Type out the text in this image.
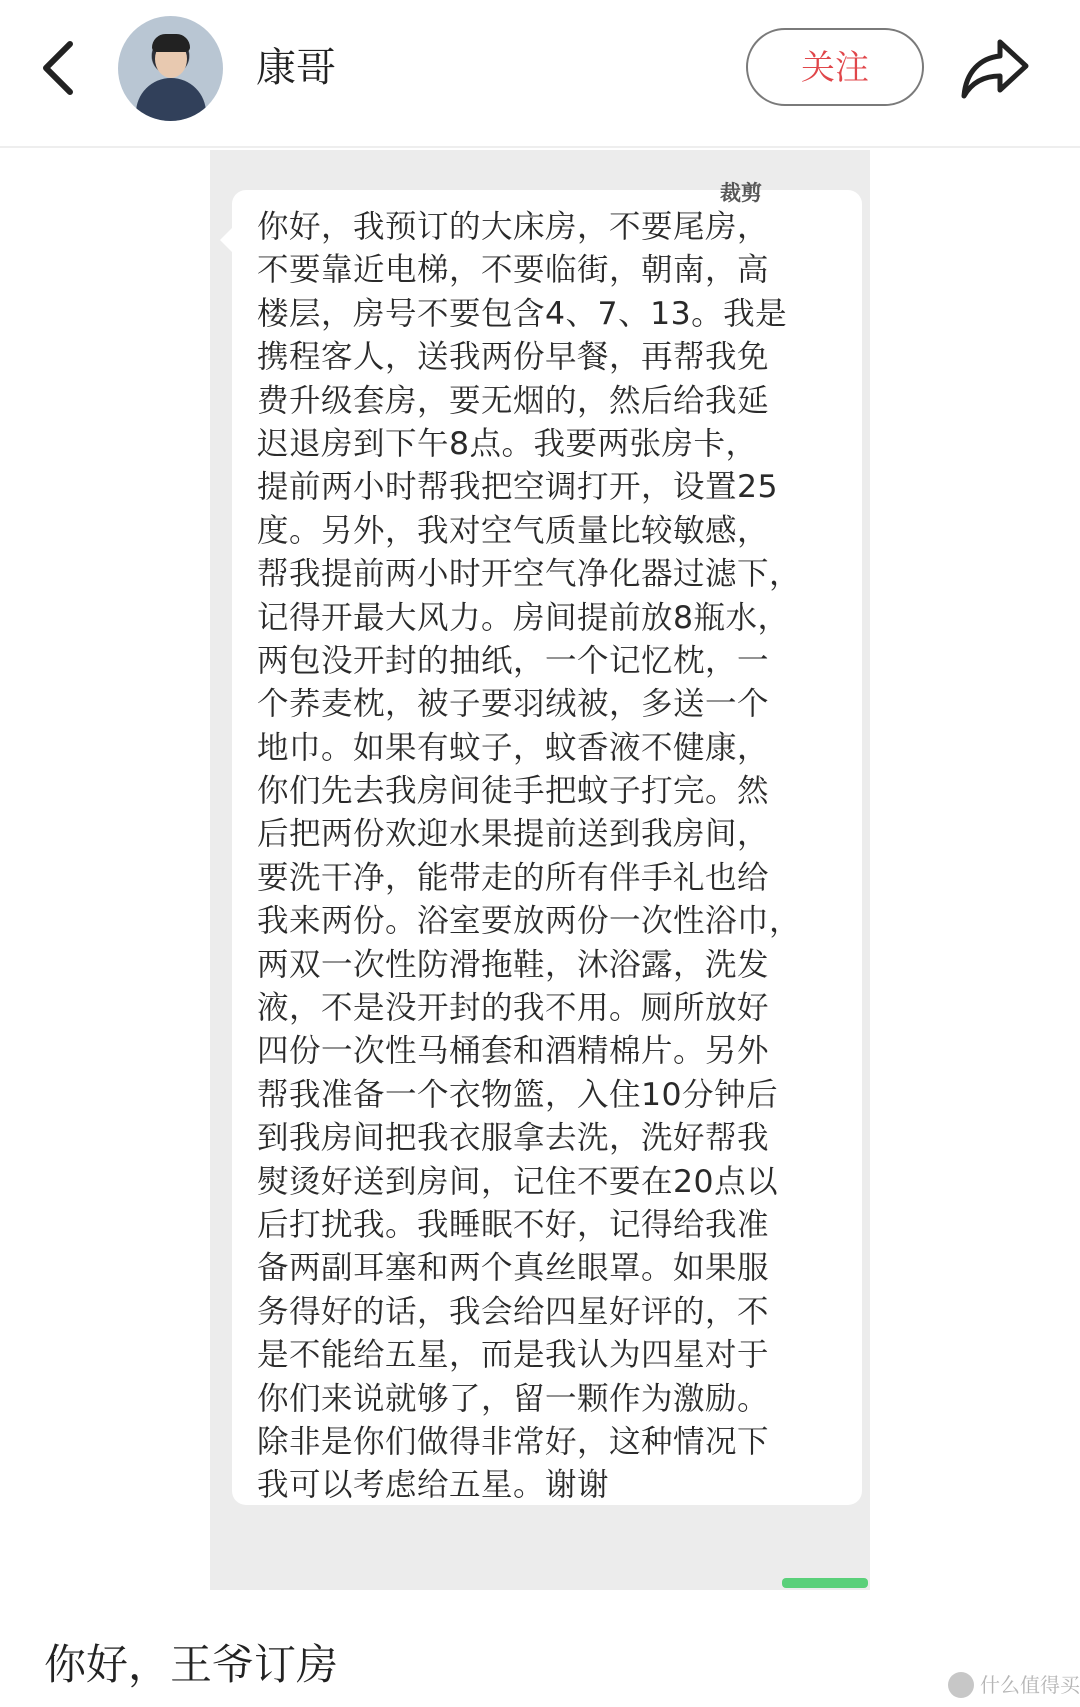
康哥	关注
裁剪
你好，我预订的大床房，不要尾房，
不要靠近电梯，不要临街，朝南，高
楼层，房号不要包含4、7、13。我是
携程客人，送我两份早餐，再帮我免
费升级套房，要无烟的，然后给我延
迟退房到下午8点。我要两张房卡，
提前两小时帮我把空调打开，设置25
度。另外，我对空气质量比较敏感，
帮我提前两小时开空气净化器过滤下，
记得开最大风力。房间提前放8瓶水，
两包没开封的抽纸，一个记忆枕，一
个荞麦枕，被子要羽绒被，多送一个
地巾。如果有蚊子，蚊香液不健康，
你们先去我房间徒手把蚊子打完。然
后把两份欢迎水果提前送到我房间，
要洗干净，能带走的所有伴手礼也给
我来两份。浴室要放两份一次性浴巾，
两双一次性防滑拖鞋，沐浴露，洗发
液，不是没开封的我不用。厕所放好
四份一次性马桶套和酒精棉片。另外
帮我准备一个衣物篮，入住10分钟后
到我房间把我衣服拿去洗，洗好帮我
熨烫好送到房间，记住不要在20点以
后打扰我。我睡眠不好，记得给我准
备两副耳塞和两个真丝眼罩。如果服
务得好的话，我会给四星好评的，不
是不能给五星，而是我认为四星对于
你们来说就够了，留一颗作为激励。
除非是你们做得非常好，这种情况下
我可以考虑给五星。谢谢
你好，王爷订房	什么值得买
